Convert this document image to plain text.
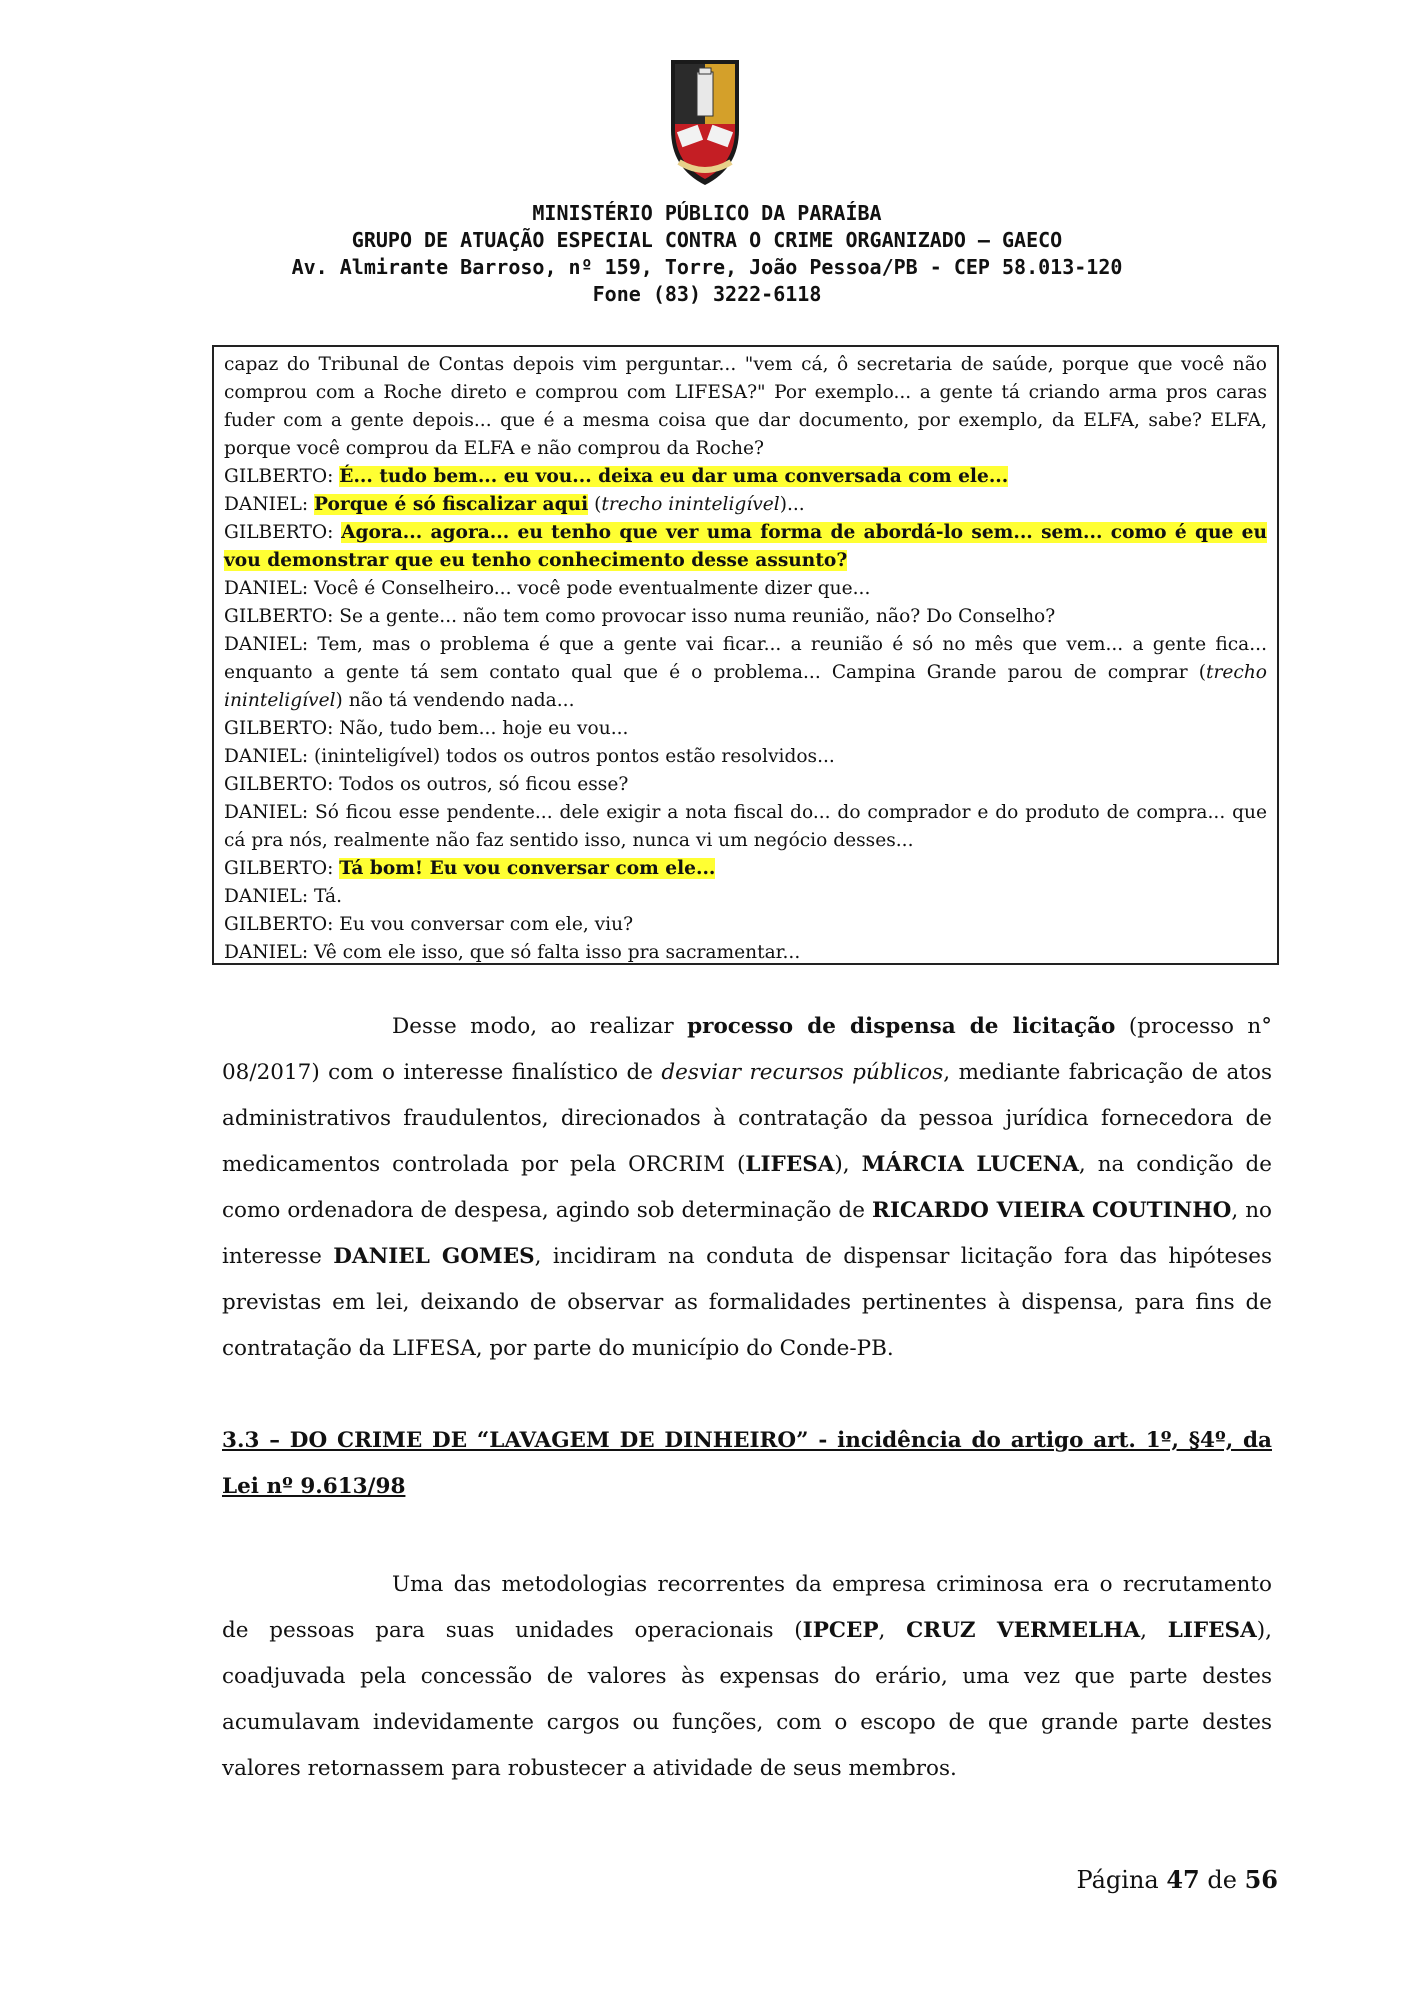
MINISTÉRIO PÚBLICO DA PARAÍBA
GRUPO DE ATUAÇÃO ESPECIAL CONTRA O CRIME ORGANIZADO – GAECO
Av. Almirante Barroso, nº 159, Torre, João Pessoa/PB - CEP 58.013-120
Fone (83) 3222-6118

capaz do Tribunal de Contas depois vim perguntar... "vem cá, ô secretaria de saúde, porque que você não comprou com a Roche direto e comprou com LIFESA?" Por exemplo... a gente tá criando arma pros caras fuder com a gente depois... que é a mesma coisa que dar documento, por exemplo, da ELFA, sabe? ELFA, porque você comprou da ELFA e não comprou da Roche?

GILBERTO: É... tudo bem... eu vou... deixa eu dar uma conversada com ele...

DANIEL: Porque é só fiscalizar aqui (trecho ininteligível)...

GILBERTO: Agora... agora... eu tenho que ver uma forma de abordá-lo sem... sem... como é que eu vou demonstrar que eu tenho conhecimento desse assunto?

DANIEL: Você é Conselheiro... você pode eventualmente dizer que...

GILBERTO: Se a gente... não tem como provocar isso numa reunião, não? Do Conselho?

DANIEL: Tem, mas o problema é que a gente vai ficar... a reunião é só no mês que vem... a gente fica... enquanto a gente tá sem contato qual que é o problema... Campina Grande parou de comprar (trecho ininteligível) não tá vendendo nada...

GILBERTO: Não, tudo bem... hoje eu vou...

DANIEL: (ininteligível) todos os outros pontos estão resolvidos...

GILBERTO: Todos os outros, só ficou esse?

DANIEL: Só ficou esse pendente... dele exigir a nota fiscal do... do comprador e do produto de compra... que cá pra nós, realmente não faz sentido isso, nunca vi um negócio desses...

GILBERTO: Tá bom! Eu vou conversar com ele...

DANIEL: Tá.

GILBERTO: Eu vou conversar com ele, viu?

DANIEL: Vê com ele isso, que só falta isso pra sacramentar...

Desse modo, ao realizar processo de dispensa de licitação (processo n° 08/2017) com o interesse finalístico de desviar recursos públicos, mediante fabricação de atos administrativos fraudulentos, direcionados à contratação da pessoa jurídica fornecedora de medicamentos controlada por pela ORCRIM (LIFESA), MÁRCIA LUCENA, na condição de como ordenadora de despesa, agindo sob determinação de RICARDO VIEIRA COUTINHO, no interesse DANIEL GOMES, incidiram na conduta de dispensar licitação fora das hipóteses previstas em lei, deixando de observar as formalidades pertinentes à dispensa, para fins de contratação da LIFESA, por parte do município do Conde-PB.

3.3 – DO CRIME DE “LAVAGEM DE DINHEIRO” - incidência do artigo art. 1º, §4º, da Lei nº 9.613/98

Uma das metodologias recorrentes da empresa criminosa era o recrutamento de pessoas para suas unidades operacionais (IPCEP, CRUZ VERMELHA, LIFESA), coadjuvada pela concessão de valores às expensas do erário, uma vez que parte destes acumulavam indevidamente cargos ou funções, com o escopo de que grande parte destes valores retornassem para robustecer a atividade de seus membros.

Página 47 de 56
